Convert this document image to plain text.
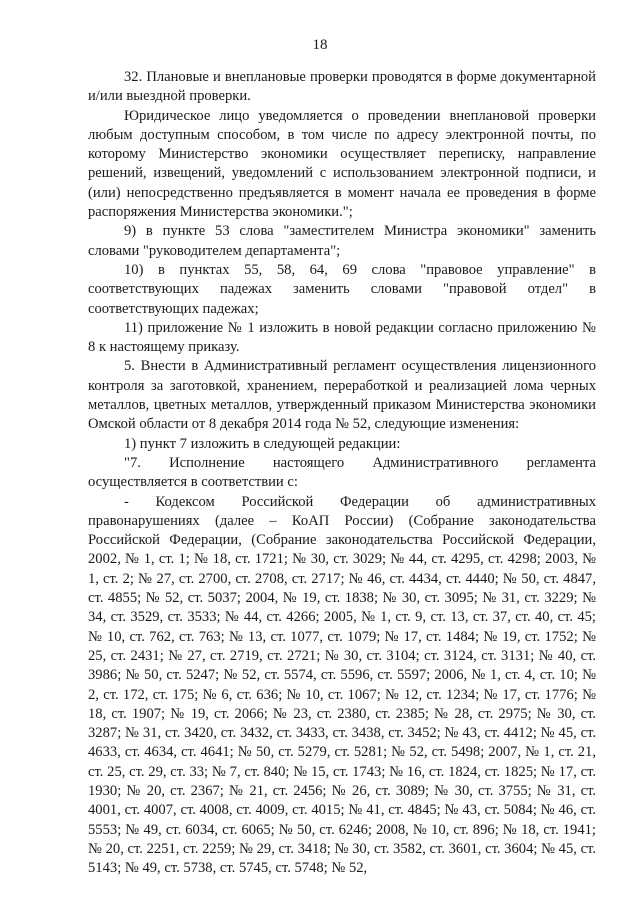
18

32. Плановые и внеплановые проверки проводятся в форме документарной и/или выездной проверки.

Юридическое лицо уведомляется о проведении внеплановой проверки любым доступным способом, в том числе по адресу электронной почты, по которому Министерство экономики осуществляет переписку, направление решений, извещений, уведомлений с использованием электронной подписи, и (или) непосредственно предъявляется в момент начала ее проведения в форме распоряжения Министерства экономики.";

9) в пункте 53 слова "заместителем Министра экономики" заменить словами "руководителем департамента";

10) в пунктах 55, 58, 64, 69 слова "правовое управление" в соответствующих падежах заменить словами "правовой отдел" в соответствующих падежах;

11) приложение № 1 изложить в новой редакции согласно приложению № 8 к настоящему приказу.

5. Внести в Административный регламент осуществления лицензионного контроля за заготовкой, хранением, переработкой и реализацией лома черных металлов, цветных металлов, утвержденный приказом Министерства экономики Омской области от 8 декабря 2014 года № 52, следующие изменения:

1) пункт 7 изложить в следующей редакции:

"7. Исполнение настоящего Административного регламента осуществляется в соответствии с:

- Кодексом Российской Федерации об административных правонарушениях (далее – КоАП России) (Собрание законодательства Российской Федерации, (Собрание законодательства Российской Федерации, 2002, № 1, ст. 1; № 18, ст. 1721; № 30, ст. 3029; № 44, ст. 4295, ст. 4298; 2003, № 1, ст. 2; № 27, ст. 2700, ст. 2708, ст. 2717; № 46, ст. 4434, ст. 4440; № 50, ст. 4847, ст. 4855; № 52, ст. 5037; 2004, № 19, ст. 1838; № 30, ст. 3095; № 31, ст. 3229; № 34, ст. 3529, ст. 3533; № 44, ст. 4266; 2005, № 1, ст. 9, ст. 13, ст. 37, ст. 40, ст. 45; № 10, ст. 762, ст. 763; № 13, ст. 1077, ст. 1079; № 17, ст. 1484; № 19, ст. 1752; № 25, ст. 2431; № 27, ст. 2719, ст. 2721; № 30, ст. 3104; ст. 3124, ст. 3131; № 40, ст. 3986; № 50, ст. 5247; № 52, ст. 5574, ст. 5596, ст. 5597; 2006, № 1, ст. 4, ст. 10; № 2, ст. 172, ст. 175; № 6, ст. 636; № 10, ст. 1067; № 12, ст. 1234; № 17, ст. 1776; № 18, ст. 1907; № 19, ст. 2066; № 23, ст. 2380, ст. 2385; № 28, ст. 2975; № 30, ст. 3287; № 31, ст. 3420, ст. 3432, ст. 3433, ст. 3438, ст. 3452; № 43, ст. 4412; № 45, ст. 4633, ст. 4634, ст. 4641; № 50, ст. 5279, ст. 5281; № 52, ст. 5498; 2007, № 1, ст. 21, ст. 25, ст. 29, ст. 33; № 7, ст. 840; № 15, ст. 1743; № 16, ст. 1824, ст. 1825; № 17, ст. 1930; № 20, ст. 2367; № 21, ст. 2456; № 26, ст. 3089; № 30, ст. 3755; № 31, ст. 4001, ст. 4007, ст. 4008, ст. 4009, ст. 4015; № 41, ст. 4845; № 43, ст. 5084; № 46, ст. 5553; № 49, ст. 6034, ст. 6065; № 50, ст. 6246; 2008, № 10, ст. 896; № 18, ст. 1941; № 20, ст. 2251, ст. 2259; № 29, ст. 3418; № 30, ст. 3582, ст. 3601, ст. 3604; № 45, ст. 5143; № 49, ст. 5738, ст. 5745, ст. 5748; № 52,
